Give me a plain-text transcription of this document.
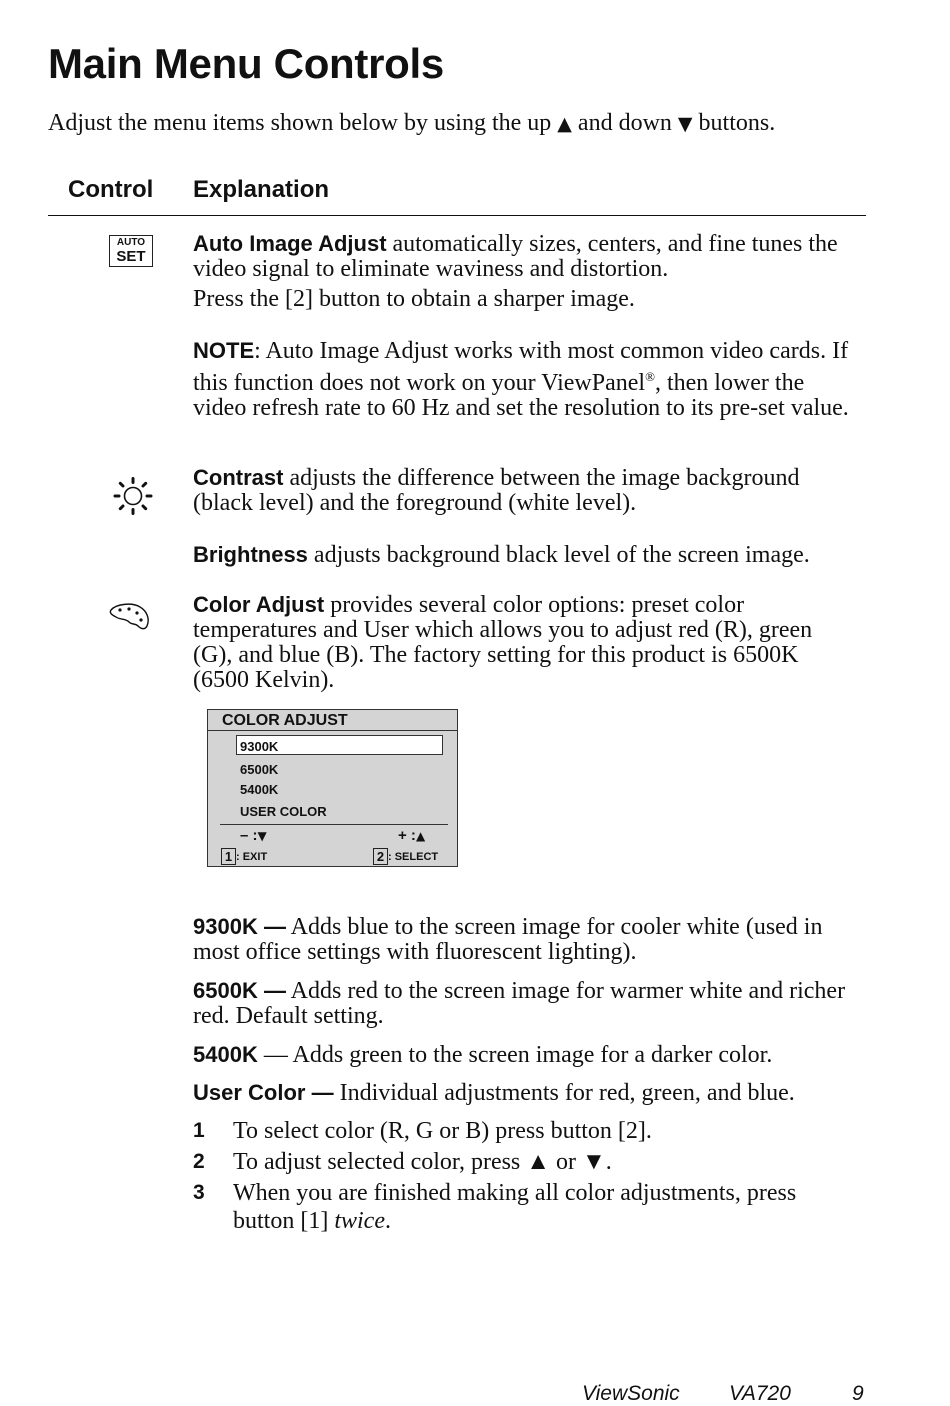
Main Menu Controls
Adjust the menu items shown below by using the up ▲ and down ▼ buttons.
Control Explanation
AUTO
SET
Auto Image Adjust automatically sizes, centers, and fine tunes the video signal to eliminate waviness and distortion.
Press the [2] button to obtain a sharper image.
NOTE: Auto Image Adjust works with most common video cards. If this function does not work on your ViewPanel®, then lower the video refresh rate to 60 Hz and set the resolution to its pre-set value.
Contrast adjusts the difference between the image background (black level) and the foreground (white level).
Brightness adjusts background black level of the screen image.
Color Adjust provides several color options: preset color temperatures and User which allows you to adjust red (R), green (G), and blue (B). The factory setting for this product is 6500K (6500 Kelvin).
COLOR ADJUST
9300K
6500K
5400K
USER COLOR
– :▼	+ :▲
1 : EXIT	2 : SELECT
9300K — Adds blue to the screen image for cooler white (used in most office settings with fluorescent lighting).
6500K — Adds red to the screen image for warmer white and richer red. Default setting.
5400K — Adds green to the screen image for a darker color.
User Color — Individual adjustments for red, green, and blue.
1 To select color (R, G or B) press button [2].
2 To adjust selected color, press ▲ or ▼.
3 When you are finished making all color adjustments, press button [1] twice.
ViewSonic VA720	9
